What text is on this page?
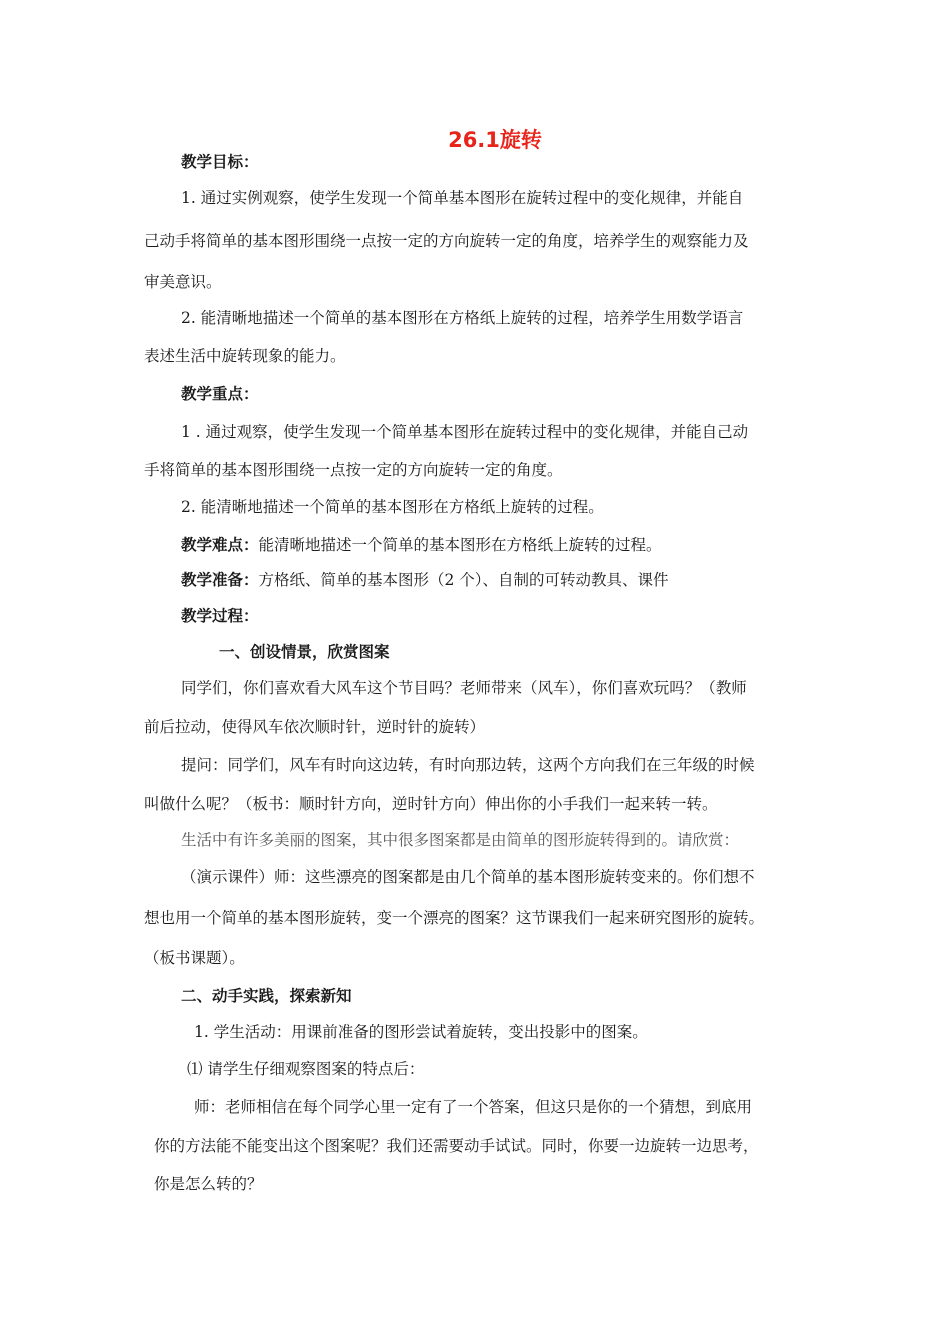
26.1旋转
教学目标：
1. 通过实例观察，使学生发现一个简单基本图形在旋转过程中的变化规律，并能自
己动手将简单的基本图形围绕一点按一定的方向旋转一定的角度，培养学生的观察能力及
审美意识。
2. 能清晰地描述一个简单的基本图形在方格纸上旋转的过程，培养学生用数学语言
表述生活中旋转现象的能力。
教学重点：
1 . 通过观察，使学生发现一个简单基本图形在旋转过程中的变化规律，并能自己动
手将简单的基本图形围绕一点按一定的方向旋转一定的角度。
2. 能清晰地描述一个简单的基本图形在方格纸上旋转的过程。
教学难点：能清晰地描述一个简单的基本图形在方格纸上旋转的过程。
教学准备：方格纸、简单的基本图形（2 个）、自制的可转动教具、课件
教学过程：
一、创设情景，欣赏图案
同学们，你们喜欢看大风车这个节目吗？老师带来（风车），你们喜欢玩吗？（教师
前后拉动，使得风车依次顺时针，逆时针的旋转）
提问：同学们，风车有时向这边转，有时向那边转，这两个方向我们在三年级的时候
叫做什么呢？（板书：顺时针方向，逆时针方向）伸出你的小手我们一起来转一转。
生活中有许多美丽的图案，其中很多图案都是由简单的图形旋转得到的。请欣赏：
（演示课件）师：这些漂亮的图案都是由几个简单的基本图形旋转变来的。你们想不
想也用一个简单的基本图形旋转，变一个漂亮的图案？这节课我们一起来研究图形的旋转。
（板书课题）。
二、动手实践，探索新知
1. 学生活动：用课前准备的图形尝试着旋转，变出投影中的图案。
⑴ 请学生仔细观察图案的特点后：
师：老师相信在每个同学心里一定有了一个答案，但这只是你的一个猜想，到底用
你的方法能不能变出这个图案呢？我们还需要动手试试。同时，你要一边旋转一边思考，
你是怎么转的？
